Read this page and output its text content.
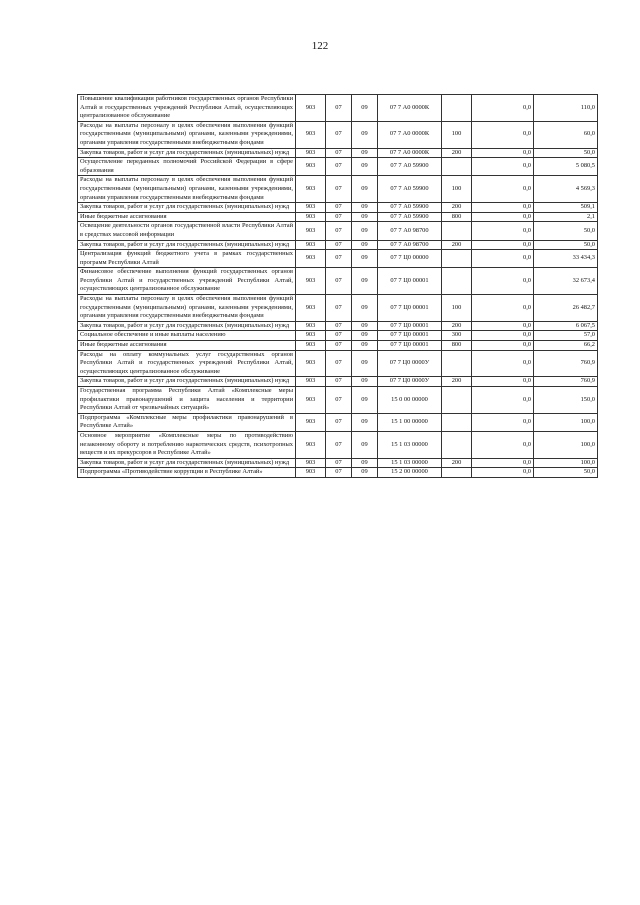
122
Повышение квалификации работников государственных органов Республики Алтай и государственных учреждений Республики Алтай, осуществляющих централизованное обслуживание	903	07	09	07 7 А0 0000К		0,0	110,0
Расходы на выплаты персоналу в целях обеспечения выполнения функций государственными (муниципальными) органами, казенными учреждениями, органами управления государственными внебюджетными фондами	903	07	09	07 7 А0 0000К	100	0,0	60,0
Закупка товаров, работ и услуг для государственных (муниципальных) нужд	903	07	09	07 7 А0 0000К	200	0,0	50,0
Осуществление переданных полномочий Российской Федерации в сфере образования	903	07	09	07 7 А0 59900		0,0	5 080,5
Расходы на выплаты персоналу в целях обеспечения выполнения функций государственными (муниципальными) органами, казенными учреждениями, органами управления государственными внебюджетными фондами	903	07	09	07 7 А0 59900	100	0,0	4 569,3
Закупка товаров, работ и услуг для государственных (муниципальных) нужд	903	07	09	07 7 А0 59900	200	0,0	509,1
Иные бюджетные ассигнования	903	07	09	07 7 А0 59900	800	0,0	2,1
Освещение деятельности органов государственной власти Республики Алтай в средствах массовой информации	903	07	09	07 7 А0 98700		0,0	50,0
Закупка товаров, работ и услуг для государственных (муниципальных) нужд	903	07	09	07 7 А0 98700	200	0,0	50,0
Централизация функций бюджетного учета в рамках государственных программ Республики Алтай	903	07	09	07 7 Ц0 00000		0,0	33 434,3
Финансовое обеспечение выполнения функций государственных органов Республики Алтай и государственных учреждений Республики Алтай, осуществляющих централизованное обслуживание	903	07	09	07 7 Ц0 00001		0,0	32 673,4
Расходы на выплаты персоналу в целях обеспечения выполнения функций государственными (муниципальными) органами, казенными учреждениями, органами управления государственными внебюджетными фондами	903	07	09	07 7 Ц0 00001	100	0,0	26 482,7
Закупка товаров, работ и услуг для государственных (муниципальных) нужд	903	07	09	07 7 Ц0 00001	200	0,0	6 067,5
Социальное обеспечение и иные выплаты населению	903	07	09	07 7 Ц0 00001	300	0,0	57,0
Иные бюджетные ассигнования	903	07	09	07 7 Ц0 00001	800	0,0	66,2
Расходы на оплату коммунальных услуг государственных органов Республики Алтай и государственных учреждений Республики Алтай, осуществляющих централизованное обслуживание	903	07	09	07 7 Ц0 0000У		0,0	760,9
Закупка товаров, работ и услуг для государственных (муниципальных) нужд	903	07	09	07 7 Ц0 0000У	200	0,0	760,9
Государственная программа Республики Алтай «Комплексные меры профилактики правонарушений и защита населения и территории Республики Алтай от чрезвычайных ситуаций»	903	07	09	15 0 00 00000		0,0	150,0
Подпрограмма «Комплексные меры профилактики правонарушений в Республике Алтай»	903	07	09	15 1 00 00000		0,0	100,0
Основное мероприятие «Комплексные меры по противодействию незаконному обороту и потреблению наркотических средств, психотропных веществ и их прекурсоров в Республике Алтай»	903	07	09	15 1 03 00000		0,0	100,0
Закупка товаров, работ и услуг для государственных (муниципальных) нужд	903	07	09	15 1 03 00000	200	0,0	100,0
Подпрограмма «Противодействие коррупции в Республике Алтай»	903	07	09	15 2 00 00000		0,0	50,0
